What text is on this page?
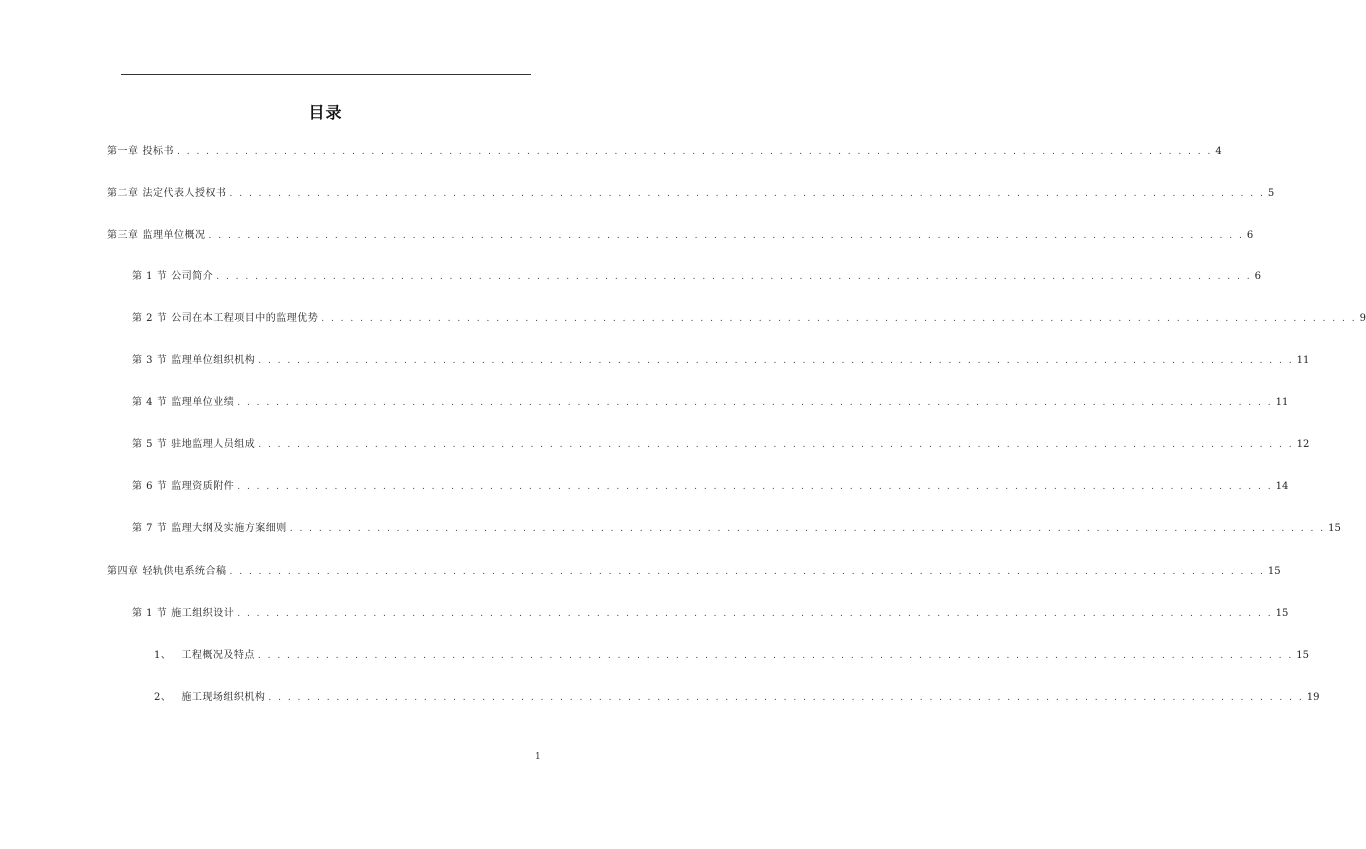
目录
第一章 投标书 . . . . . . . . . . . . . . . . . . . . . . . . . . . . . . . . . . . . . . . . . . . . . . . . . . . . . . . . . . . . . . . . . . . . . . . . . . . . . . . . . . . . . . . . . . . . . . . . . . . . . . . . . . . 4
第二章 法定代表人授权书 . . . . . . . . . . . . . . . . . . . . . . . . . . . . . . . . . . . . . . . . . . . . . . . . . . . . . . . . . . . . . . . . . . . . . . . . . . . . . . . . . . . . . . . . . . . . . . . . . . . . . . . . . . . 5
第三章 监理单位概况 . . . . . . . . . . . . . . . . . . . . . . . . . . . . . . . . . . . . . . . . . . . . . . . . . . . . . . . . . . . . . . . . . . . . . . . . . . . . . . . . . . . . . . . . . . . . . . . . . . . . . . . . . . . 6
第 1 节 公司简介 . . . . . . . . . . . . . . . . . . . . . . . . . . . . . . . . . . . . . . . . . . . . . . . . . . . . . . . . . . . . . . . . . . . . . . . . . . . . . . . . . . . . . . . . . . . . . . . . . . . . . . . . . . . 6
第 2 节 公司在本工程项目中的监理优势 . . . . . . . . . . . . . . . . . . . . . . . . . . . . . . . . . . . . . . . . . . . . . . . . . . . . . . . . . . . . . . . . . . . . . . . . . . . . . . . . . . . . . . . . . . . . . . . . . . . . . . . . . . . 9
第 3 节 监理单位组织机构 . . . . . . . . . . . . . . . . . . . . . . . . . . . . . . . . . . . . . . . . . . . . . . . . . . . . . . . . . . . . . . . . . . . . . . . . . . . . . . . . . . . . . . . . . . . . . . . . . . . . . . . . . . . 11
第 4 节 监理单位业绩 . . . . . . . . . . . . . . . . . . . . . . . . . . . . . . . . . . . . . . . . . . . . . . . . . . . . . . . . . . . . . . . . . . . . . . . . . . . . . . . . . . . . . . . . . . . . . . . . . . . . . . . . . . . 11
第 5 节 驻地监理人员组成 . . . . . . . . . . . . . . . . . . . . . . . . . . . . . . . . . . . . . . . . . . . . . . . . . . . . . . . . . . . . . . . . . . . . . . . . . . . . . . . . . . . . . . . . . . . . . . . . . . . . . . . . . . . 12
第 6 节 监理资质附件 . . . . . . . . . . . . . . . . . . . . . . . . . . . . . . . . . . . . . . . . . . . . . . . . . . . . . . . . . . . . . . . . . . . . . . . . . . . . . . . . . . . . . . . . . . . . . . . . . . . . . . . . . . . 14
第 7 节 监理大纲及实施方案细则 . . . . . . . . . . . . . . . . . . . . . . . . . . . . . . . . . . . . . . . . . . . . . . . . . . . . . . . . . . . . . . . . . . . . . . . . . . . . . . . . . . . . . . . . . . . . . . . . . . . . . . . . . . . 15
第四章 轻轨供电系统合稿 . . . . . . . . . . . . . . . . . . . . . . . . . . . . . . . . . . . . . . . . . . . . . . . . . . . . . . . . . . . . . . . . . . . . . . . . . . . . . . . . . . . . . . . . . . . . . . . . . . . . . . . . . . . 15
第 1 节 施工组织设计 . . . . . . . . . . . . . . . . . . . . . . . . . . . . . . . . . . . . . . . . . . . . . . . . . . . . . . . . . . . . . . . . . . . . . . . . . . . . . . . . . . . . . . . . . . . . . . . . . . . . . . . . . . . 15
1、 工程概况及特点 . . . . . . . . . . . . . . . . . . . . . . . . . . . . . . . . . . . . . . . . . . . . . . . . . . . . . . . . . . . . . . . . . . . . . . . . . . . . . . . . . . . . . . . . . . . . . . . . . . . . . . . . . . . 15
2、 施工现场组织机构 . . . . . . . . . . . . . . . . . . . . . . . . . . . . . . . . . . . . . . . . . . . . . . . . . . . . . . . . . . . . . . . . . . . . . . . . . . . . . . . . . . . . . . . . . . . . . . . . . . . . . . . . . . . 19
1
